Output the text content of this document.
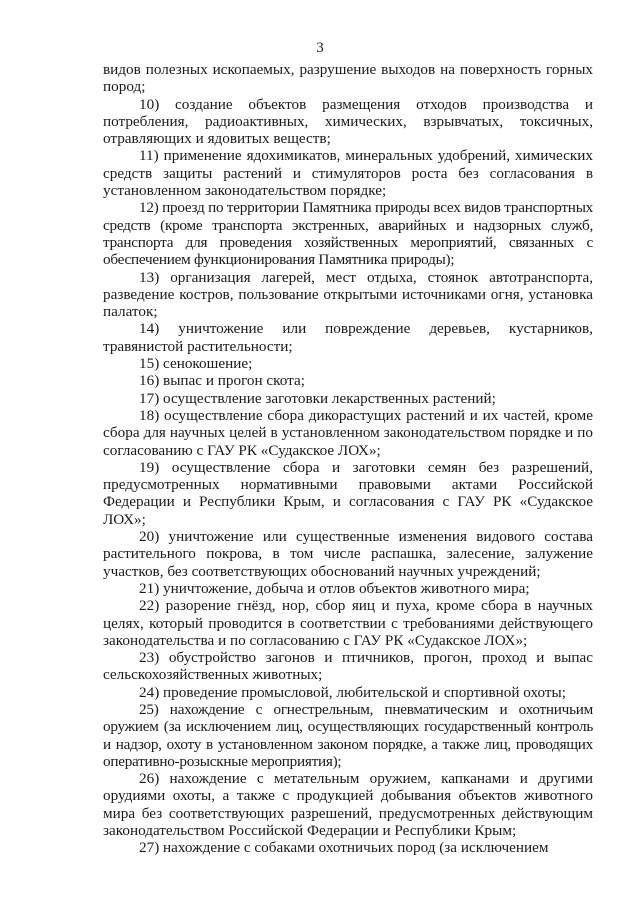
3

видов полезных ископаемых, разрушение выходов на поверхность горных пород;

10) создание объектов размещения отходов производства и потребления, радиоактивных, химических, взрывчатых, токсичных, отравляющих и ядовитых веществ;

11) применение ядохимикатов, минеральных удобрений, химических средств защиты растений и стимуляторов роста без согласования в установленном законодательством порядке;

12) проезд по территории Памятника природы всех видов транспортных средств (кроме транспорта экстренных, аварийных и надзорных служб, транспорта для проведения хозяйственных мероприятий, связанных с обеспечением функционирования Памятника природы);

13) организация лагерей, мест отдыха, стоянок автотранспорта, разведение костров, пользование открытыми источниками огня, установка палаток;

14) уничтожение или повреждение деревьев, кустарников, травянистой растительности;

15) сенокошение;

16) выпас и прогон скота;

17) осуществление заготовки лекарственных растений;

18) осуществление сбора дикорастущих растений и их частей, кроме сбора для научных целей в установленном законодательством порядке и по согласованию с ГАУ РК «Судакское ЛОХ»;

19) осуществление сбора и заготовки семян без разрешений, предусмотренных нормативными правовыми актами Российской Федерации и Республики Крым, и согласования с ГАУ РК «Судакское ЛОХ»;

20) уничтожение или существенные изменения видового состава растительного покрова, в том числе распашка, залесение, залужение участков, без соответствующих обоснований научных учреждений;

21) уничтожение, добыча и отлов объектов животного мира;

22) разорение гнёзд, нор, сбор яиц и пуха, кроме сбора в научных целях, который проводится в соответствии с требованиями действующего законодательства и по согласованию с ГАУ РК «Судакское ЛОХ»;

23) обустройство загонов и птичников, прогон, проход и выпас сельскохозяйственных животных;

24) проведение промысловой, любительской и спортивной охоты;

25) нахождение с огнестрельным, пневматическим и охотничьим оружием (за исключением лиц, осуществляющих государственный контроль и надзор, охоту в установленном законом порядке, а также лиц, проводящих оперативно-розыскные мероприятия);

26) нахождение с метательным оружием, капканами и другими орудиями охоты, а также с продукцией добывания объектов животного мира без соответствующих разрешений, предусмотренных действующим законодательством Российской Федерации и Республики Крым;

27) нахождение с собаками охотничьих пород (за исключением
